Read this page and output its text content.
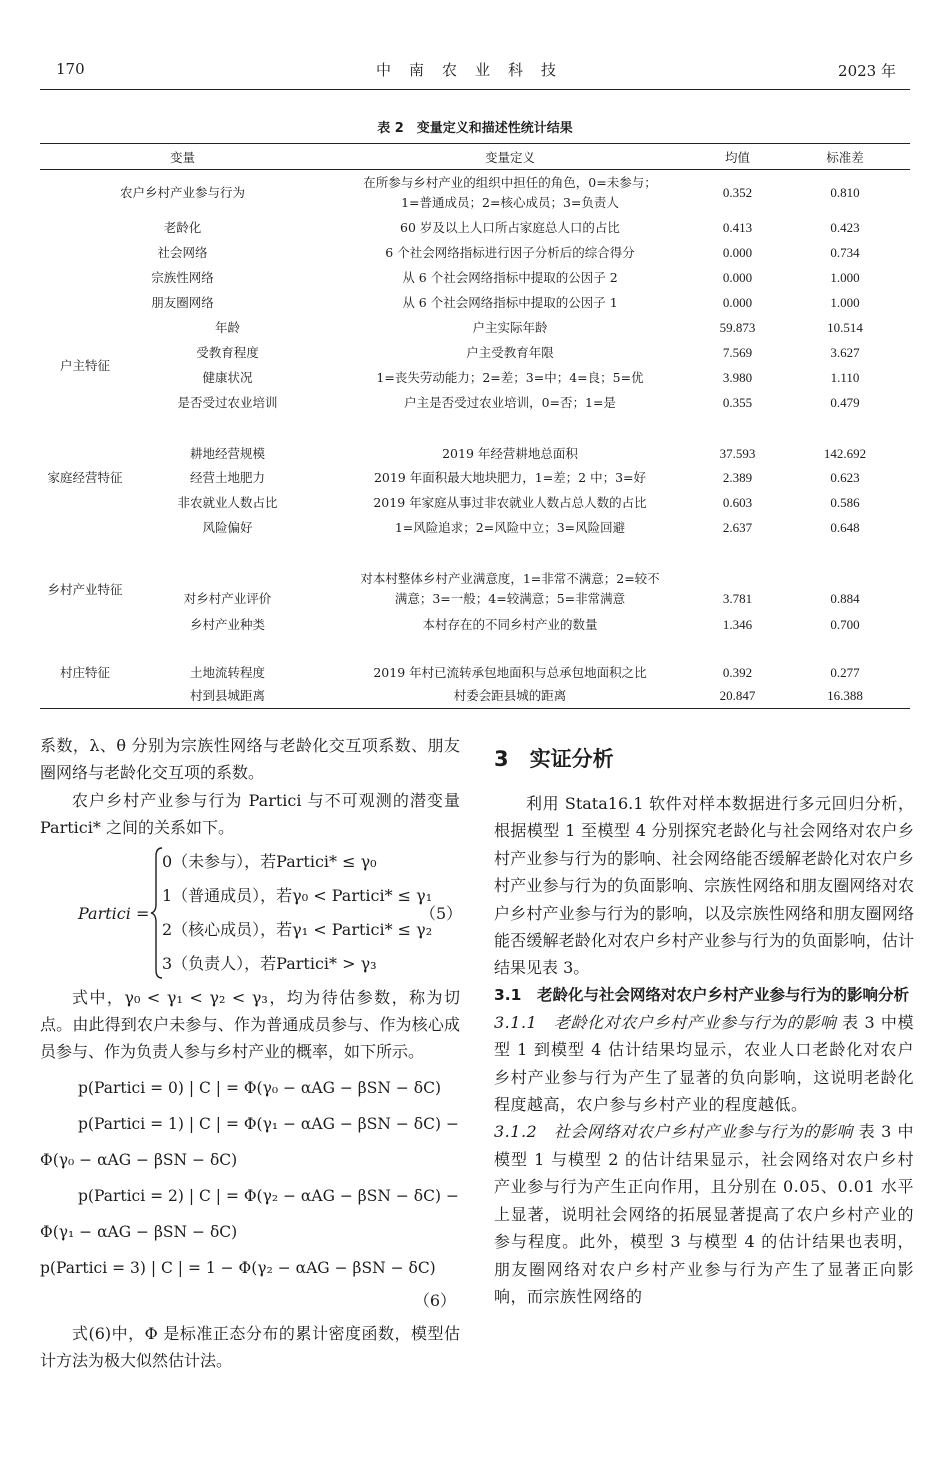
170	中南农业科技	2023 年
表 2　变量定义和描述性统计结果
变量		变量定义	均值	标准差
农户乡村产业参与行为		在所参与乡村产业的组织中担任的角色，0=未参与；1=普通成员；2=核心成员；3=负责人	0.352	0.810
老龄化		60 岁及以上人口所占家庭总人口的占比	0.413	0.423
社会网络		6 个社会网络指标进行因子分析后的综合得分	0.000	0.734
宗族性网络		从 6 个社会网络指标中提取的公因子 2	0.000	1.000
朋友圈网络		从 6 个社会网络指标中提取的公因子 1	0.000	1.000
户主特征	年龄	户主实际年龄	59.873	10.514
	受教育程度	户主受教育年限	7.569	3.627
	健康状况	1=丧失劳动能力；2=差；3=中；4=良；5=优	3.980	1.110
	是否受过农业培训	户主是否受过农业培训，0=否；1=是	0.355	0.479
家庭经营特征	耕地经营规模	2019 年经营耕地总面积	37.593	142.692
	经营土地肥力	2019 年面积最大地块肥力，1=差；2 中；3=好	2.389	0.623
	非农就业人数占比	2019 年家庭从事过非农就业人数占总人数的占比	0.603	0.586
	风险偏好	1=风险追求；2=风险中立；3=风险回避	2.637	0.648
乡村产业特征	对乡村产业评价	对本村整体乡村产业满意度，1=非常不满意；2=较不满意；3=一般；4=较满意；5=非常满意	3.781	0.884
	乡村产业种类	本村存在的不同乡村产业的数量	1.346	0.700
村庄特征	土地流转程度	2019 年村已流转承包地面积与总承包地面积之比	0.392	0.277
	村到县城距离	村委会距县城的距离	20.847	16.388

系数，λ、θ 分别为宗族性网络与老龄化交互项系数、朋友圈网络与老龄化交互项的系数。

农户乡村产业参与行为 Partici 与不可观测的潜变量 Partici* 之间的关系如下。

Partici =
0（未参与），若Partici* ≤ γ₀
1（普通成员），若γ₀ < Partici* ≤ γ₁
2（核心成员），若γ₁ < Partici* ≤ γ₂
3（负责人），若Partici* > γ₃
（5）

式中，γ₀ < γ₁ < γ₂ < γ₃，均为待估参数，称为切点。由此得到农户未参与、作为普通成员参与、作为核心成员参与、作为负责人参与乡村产业的概率，如下所示。

p(Partici = 0) | C | = Φ(γ₀ − αAG − βSN − δC)
p(Partici = 1) | C | = Φ(γ₁ − αAG − βSN − δC) −
Φ(γ₀ − αAG − βSN − δC)
p(Partici = 2) | C | = Φ(γ₂ − αAG − βSN − δC) −
Φ(γ₁ − αAG − βSN − δC)
p(Partici = 3) | C | = 1 − Φ(γ₂ − αAG − βSN − δC)
（6）

式(6)中，Φ 是标准正态分布的累计密度函数，模型估计方法为极大似然估计法。

3　实证分析

利用 Stata16.1 软件对样本数据进行多元回归分析，根据模型 1 至模型 4 分别探究老龄化与社会网络对农户乡村产业参与行为的影响、社会网络能否缓解老龄化对农户乡村产业参与行为的负面影响、宗族性网络和朋友圈网络对农户乡村产业参与行为的影响，以及宗族性网络和朋友圈网络能否缓解老龄化对农户乡村产业参与行为的负面影响，估计结果见表 3。

3.1　老龄化与社会网络对农户乡村产业参与行为的影响分析

3.1.1　老龄化对农户乡村产业参与行为的影响 表 3 中模型 1 到模型 4 估计结果均显示，农业人口老龄化对农户乡村产业参与行为产生了显著的负向影响，这说明老龄化程度越高，农户参与乡村产业的程度越低。

3.1.2　社会网络对农户乡村产业参与行为的影响 表 3 中模型 1 与模型 2 的估计结果显示，社会网络对农户乡村产业参与行为产生正向作用，且分别在 0.05、0.01 水平上显著，说明社会网络的拓展显著提高了农户乡村产业的参与程度。此外，模型 3 与模型 4 的估计结果也表明，朋友圈网络对农户乡村产业参与行为产生了显著正向影响，而宗族性网络的
